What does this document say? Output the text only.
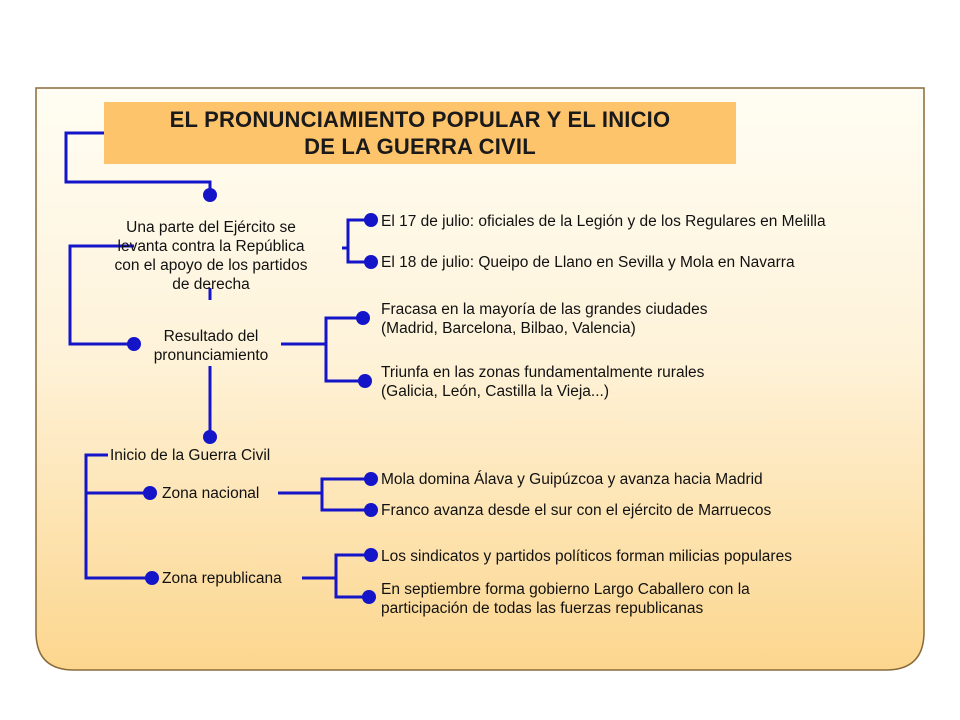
EL PRONUNCIAMIENTO POPULAR Y EL INICIO
DE LA GUERRA CIVIL
Una parte del Ejército se
levanta contra la República
con el apoyo de los partidos
de derecha
El 17 de julio: oficiales de la Legión y de los Regulares en Melilla
El 18 de julio: Queipo de Llano en Sevilla y Mola en Navarra
Resultado del
pronunciamiento
Fracasa en la mayoría de las grandes ciudades
(Madrid, Barcelona, Bilbao, Valencia)
Triunfa en las zonas fundamentalmente rurales
(Galicia, León, Castilla la Vieja...)
Inicio de la Guerra Civil
Zona nacional
Mola domina Álava y Guipúzcoa y avanza hacia Madrid
Franco avanza desde el sur con el ejército de Marruecos
Zona republicana
Los sindicatos y partidos políticos forman milicias populares
En septiembre forma gobierno Largo Caballero con la
participación de todas las fuerzas republicanas
